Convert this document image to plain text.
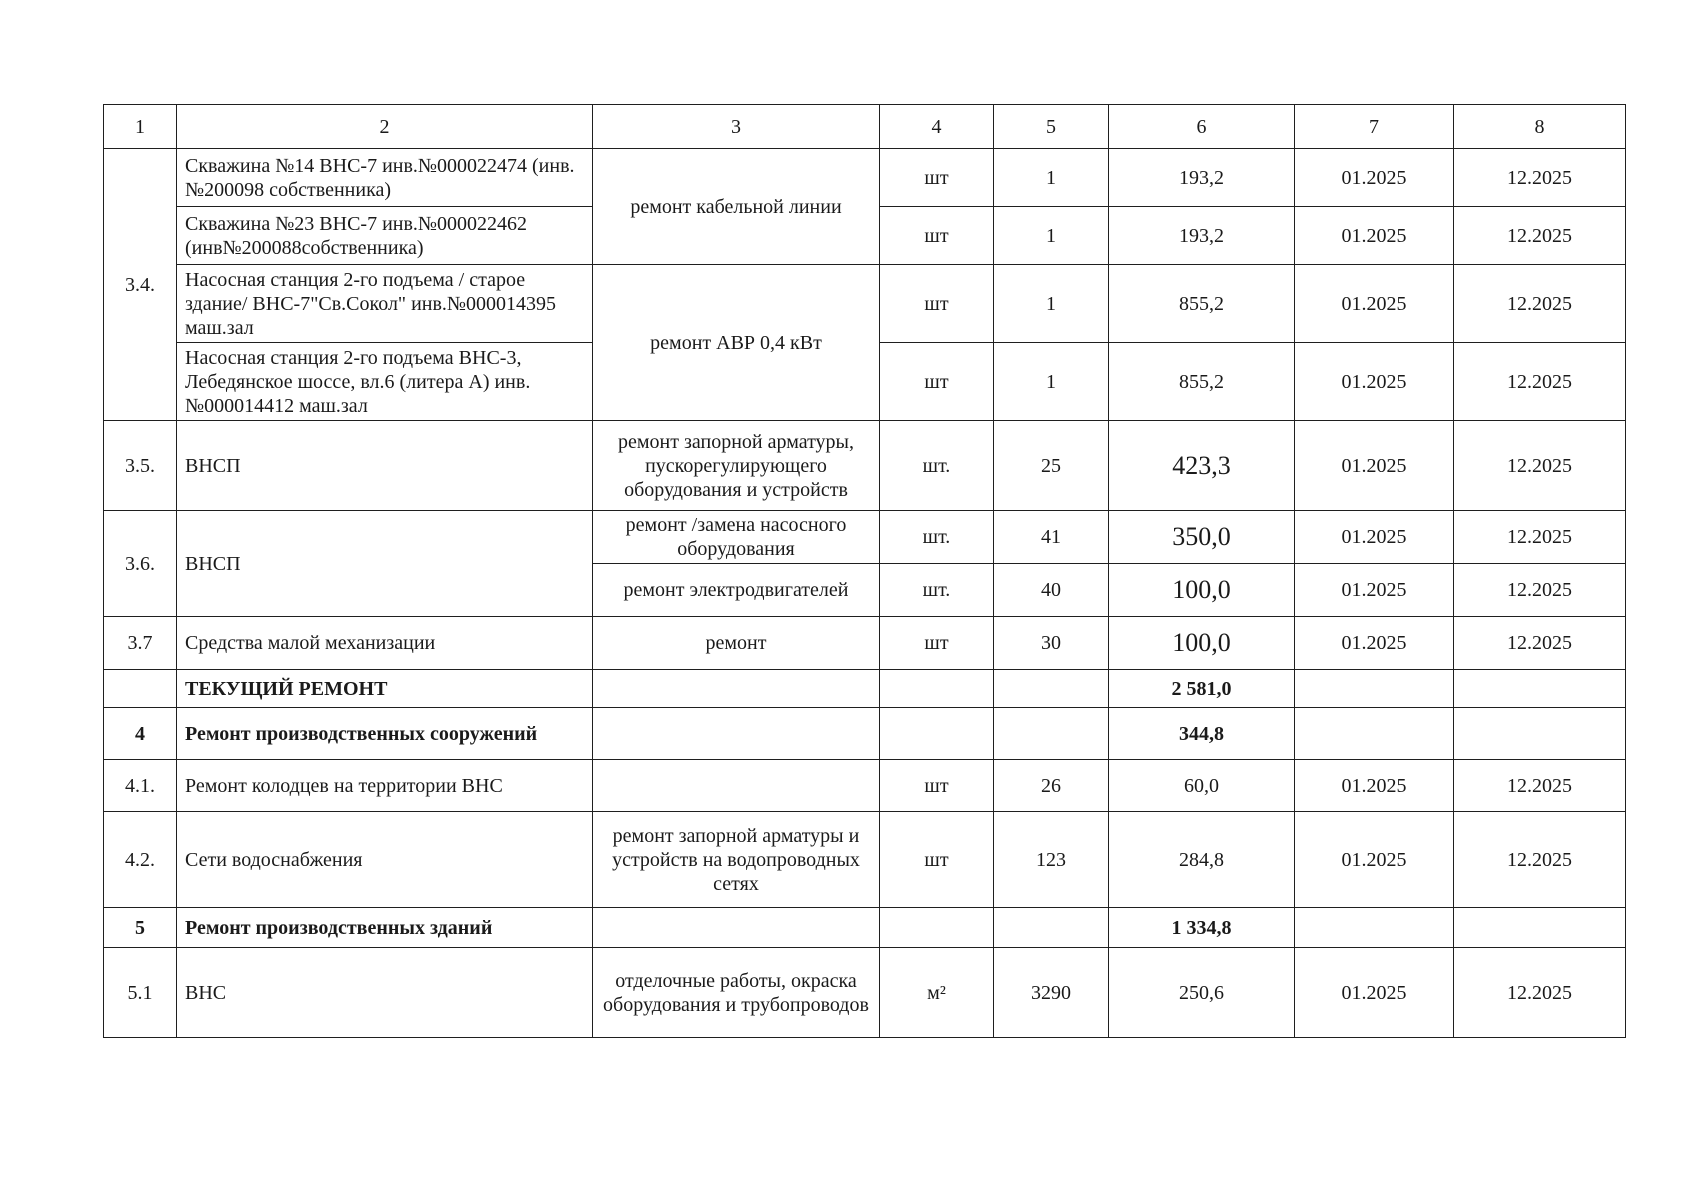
1	2	3	4	5	6	7	8
3.4.	Скважина №14 ВНС-7 инв.№000022474 (инв.№200098 собственника)	ремонт кабельной линии	шт	1	193,2	01.2025	12.2025
	Скважина №23 ВНС-7 инв.№000022462 (инв№200088собственника)		шт	1	193,2	01.2025	12.2025
	Насосная станция 2-го подъема / старое здание/ ВНС-7"Св.Сокол" инв.№000014395 маш.зал	ремонт АВР 0,4 кВт	шт	1	855,2	01.2025	12.2025
	Насосная станция 2-го подъема ВНС-3, Лебедянское шоссе, вл.6 (литера А) инв.№000014412 маш.зал		шт	1	855,2	01.2025	12.2025
3.5.	ВНСП	ремонт запорной арматуры, пускорегулирующего оборудования и устройств	шт.	25	423,3	01.2025	12.2025
3.6.	ВНСП	ремонт /замена насосного оборудования	шт.	41	350,0	01.2025	12.2025
		ремонт электродвигателей	шт.	40	100,0	01.2025	12.2025
3.7	Средства малой механизации	ремонт	шт	30	100,0	01.2025	12.2025
	ТЕКУЩИЙ РЕМОНТ				2 581,0		
4	Ремонт производственных сооружений				344,8		
4.1.	Ремонт колодцев на территории ВНС		шт	26	60,0	01.2025	12.2025
4.2.	Сети водоснабжения	ремонт запорной арматуры и устройств на водопроводных сетях	шт	123	284,8	01.2025	12.2025
5	Ремонт производственных зданий				1 334,8		
5.1	ВНС	отделочные работы, окраска оборудования и трубопроводов	м²	3290	250,6	01.2025	12.2025
